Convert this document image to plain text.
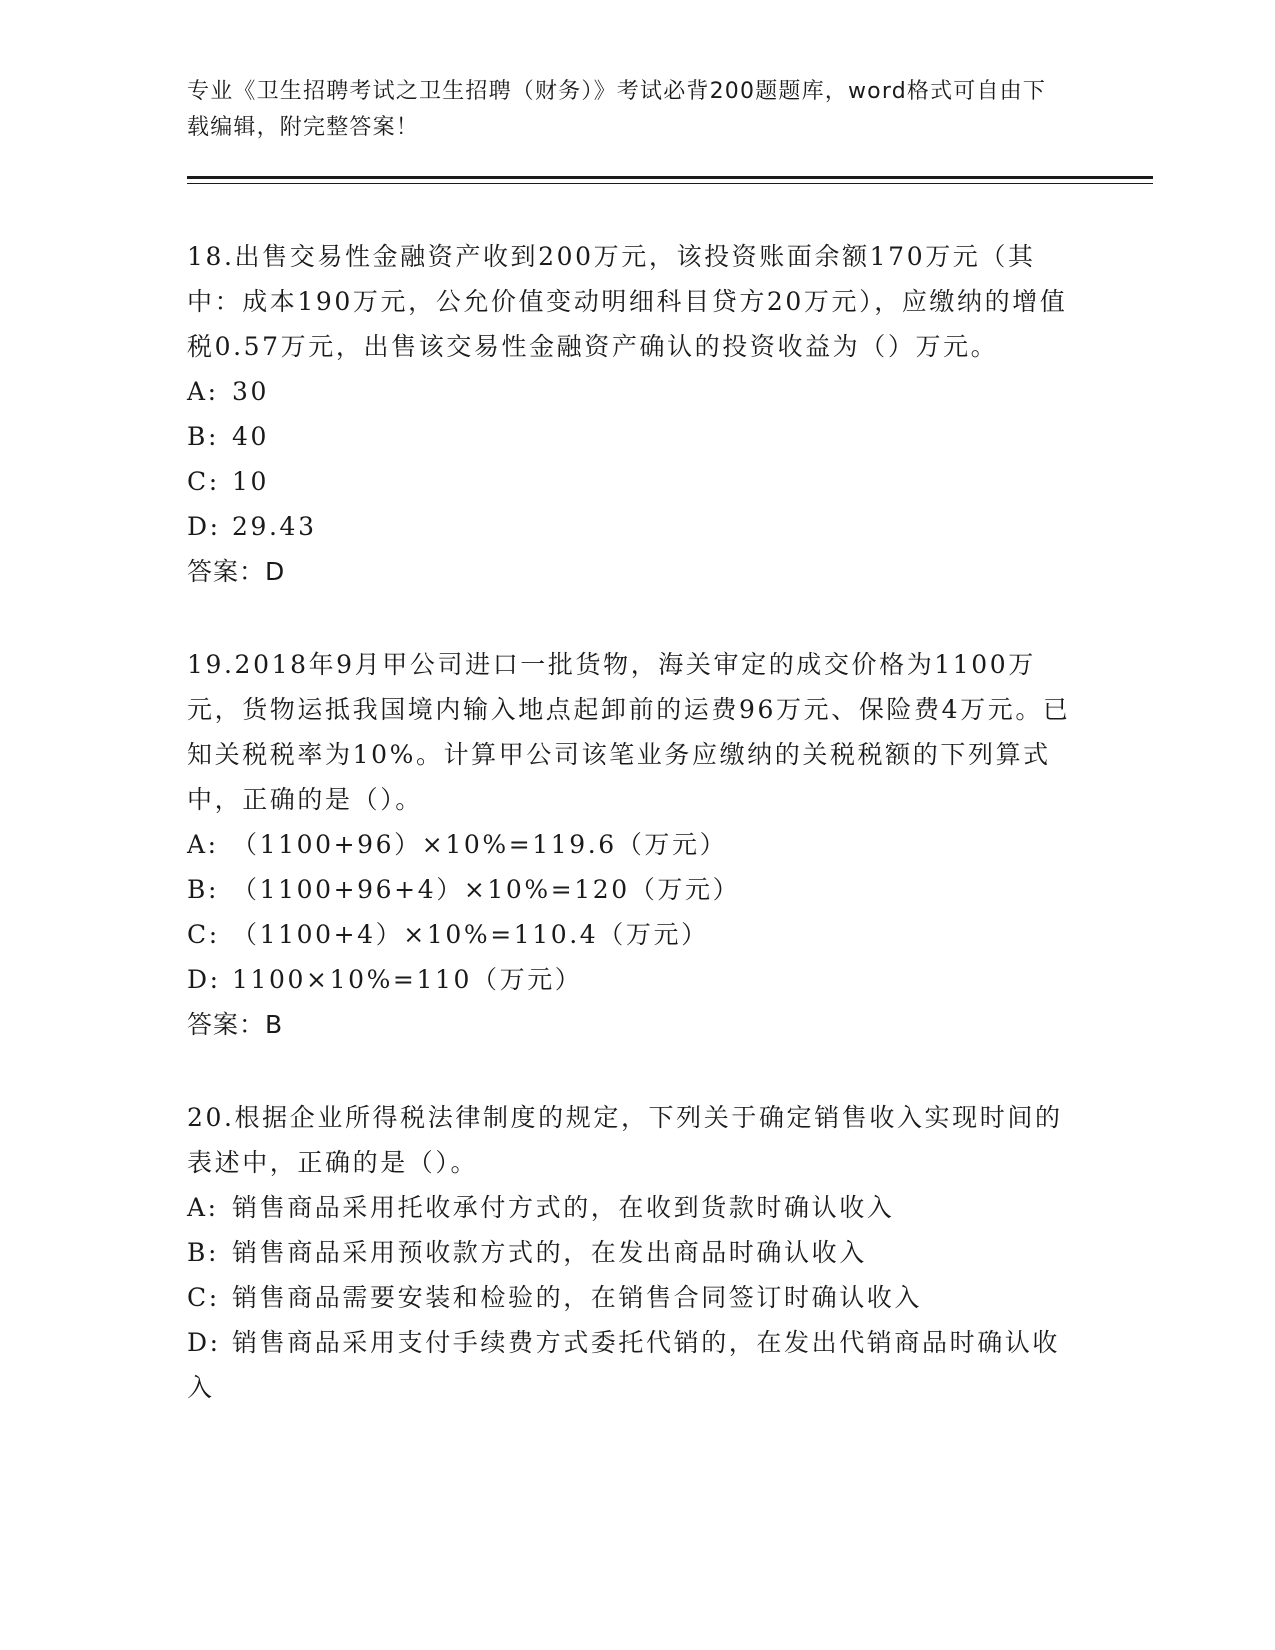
专业《卫生招聘考试之卫生招聘（财务）》考试必背200题题库，word格式可自由下载编辑，附完整答案！

18.出售交易性金融资产收到200万元，该投资账面余额170万元（其中：成本190万元，公允价值变动明细科目贷方20万元），应缴纳的增值税0.57万元，出售该交易性金融资产确认的投资收益为（）万元。

A: 30

B: 40

C: 10

D: 29.43

答案：D

19.2018年9月甲公司进口一批货物，海关审定的成交价格为1100万元，货物运抵我国境内输入地点起卸前的运费96万元、保险费4万元。已知关税税率为10%。计算甲公司该笔业务应缴纳的关税税额的下列算式中，正确的是（）。

A: （1100+96）×10%=119.6（万元）

B: （1100+96+4）×10%=120（万元）

C: （1100+4）×10%=110.4（万元）

D: 1100×10%=110（万元）

答案：B

20.根据企业所得税法律制度的规定，下列关于确定销售收入实现时间的表述中，正确的是（）。

A: 销售商品采用托收承付方式的，在收到货款时确认收入

B: 销售商品采用预收款方式的，在发出商品时确认收入

C: 销售商品需要安装和检验的，在销售合同签订时确认收入

D: 销售商品采用支付手续费方式委托代销的，在发出代销商品时确认收入
